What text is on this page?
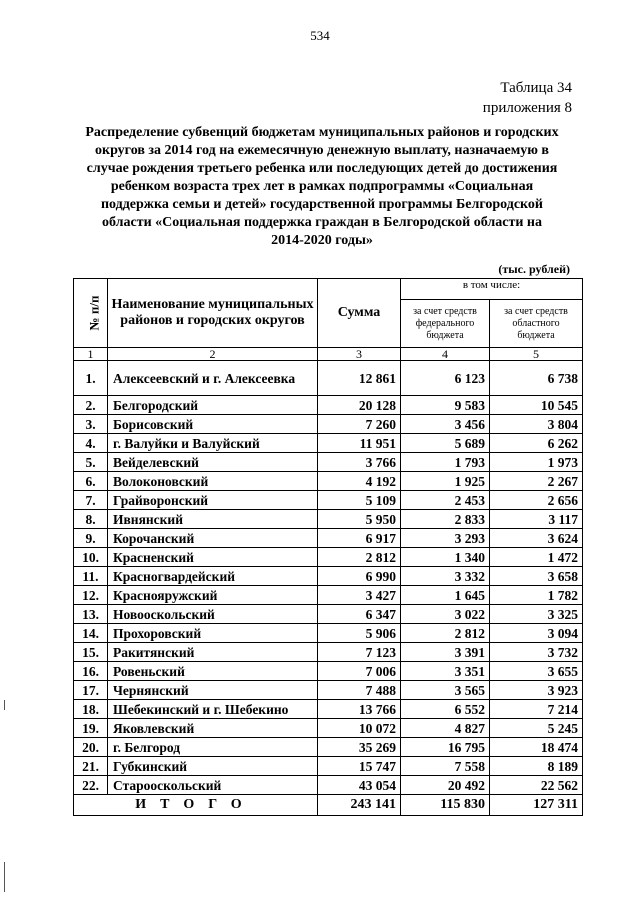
534
Таблица 34
приложения 8
Распределение субвенций бюджетам муниципальных районов и городских округов за 2014 год на ежемесячную денежную выплату, назначаемую в случае рождения третьего ребенка или последующих детей до достижения ребенком возраста трех лет в рамках подпрограммы «Социальная поддержка семьи и детей» государственной программы Белгородской области «Социальная поддержка граждан в Белгородской области на 2014-2020 годы»
(тыс. рублей)
№ п/п	Наименование муниципальных районов и городских округов	Сумма	в том числе:	
			за счет средств федерального бюджета	за счет средств областного бюджета
1	2	3	4	5
1.	Алексеевский и г. Алексеевка	12 861	6 123	6 738
2.	Белгородский	20 128	9 583	10 545
3.	Борисовский	7 260	3 456	3 804
4.	г. Валуйки и Валуйский	11 951	5 689	6 262
5.	Вейделевский	3 766	1 793	1 973
6.	Волоконовский	4 192	1 925	2 267
7.	Грайворонский	5 109	2 453	2 656
8.	Ивнянский	5 950	2 833	3 117
9.	Корочанский	6 917	3 293	3 624
10.	Красненский	2 812	1 340	1 472
11.	Красногвардейский	6 990	3 332	3 658
12.	Краснояружский	3 427	1 645	1 782
13.	Новооскольский	6 347	3 022	3 325
14.	Прохоровский	5 906	2 812	3 094
15.	Ракитянский	7 123	3 391	3 732
16.	Ровеньский	7 006	3 351	3 655
17.	Чернянский	7 488	3 565	3 923
18.	Шебекинский и г. Шебекино	13 766	6 552	7 214
19.	Яковлевский	10 072	4 827	5 245
20.	г. Белгород	35 269	16 795	18 474
21.	Губкинский	15 747	7 558	8 189
22.	Старооскольский	43 054	20 492	22 562
ИТОГО		243 141	115 830	127 311
